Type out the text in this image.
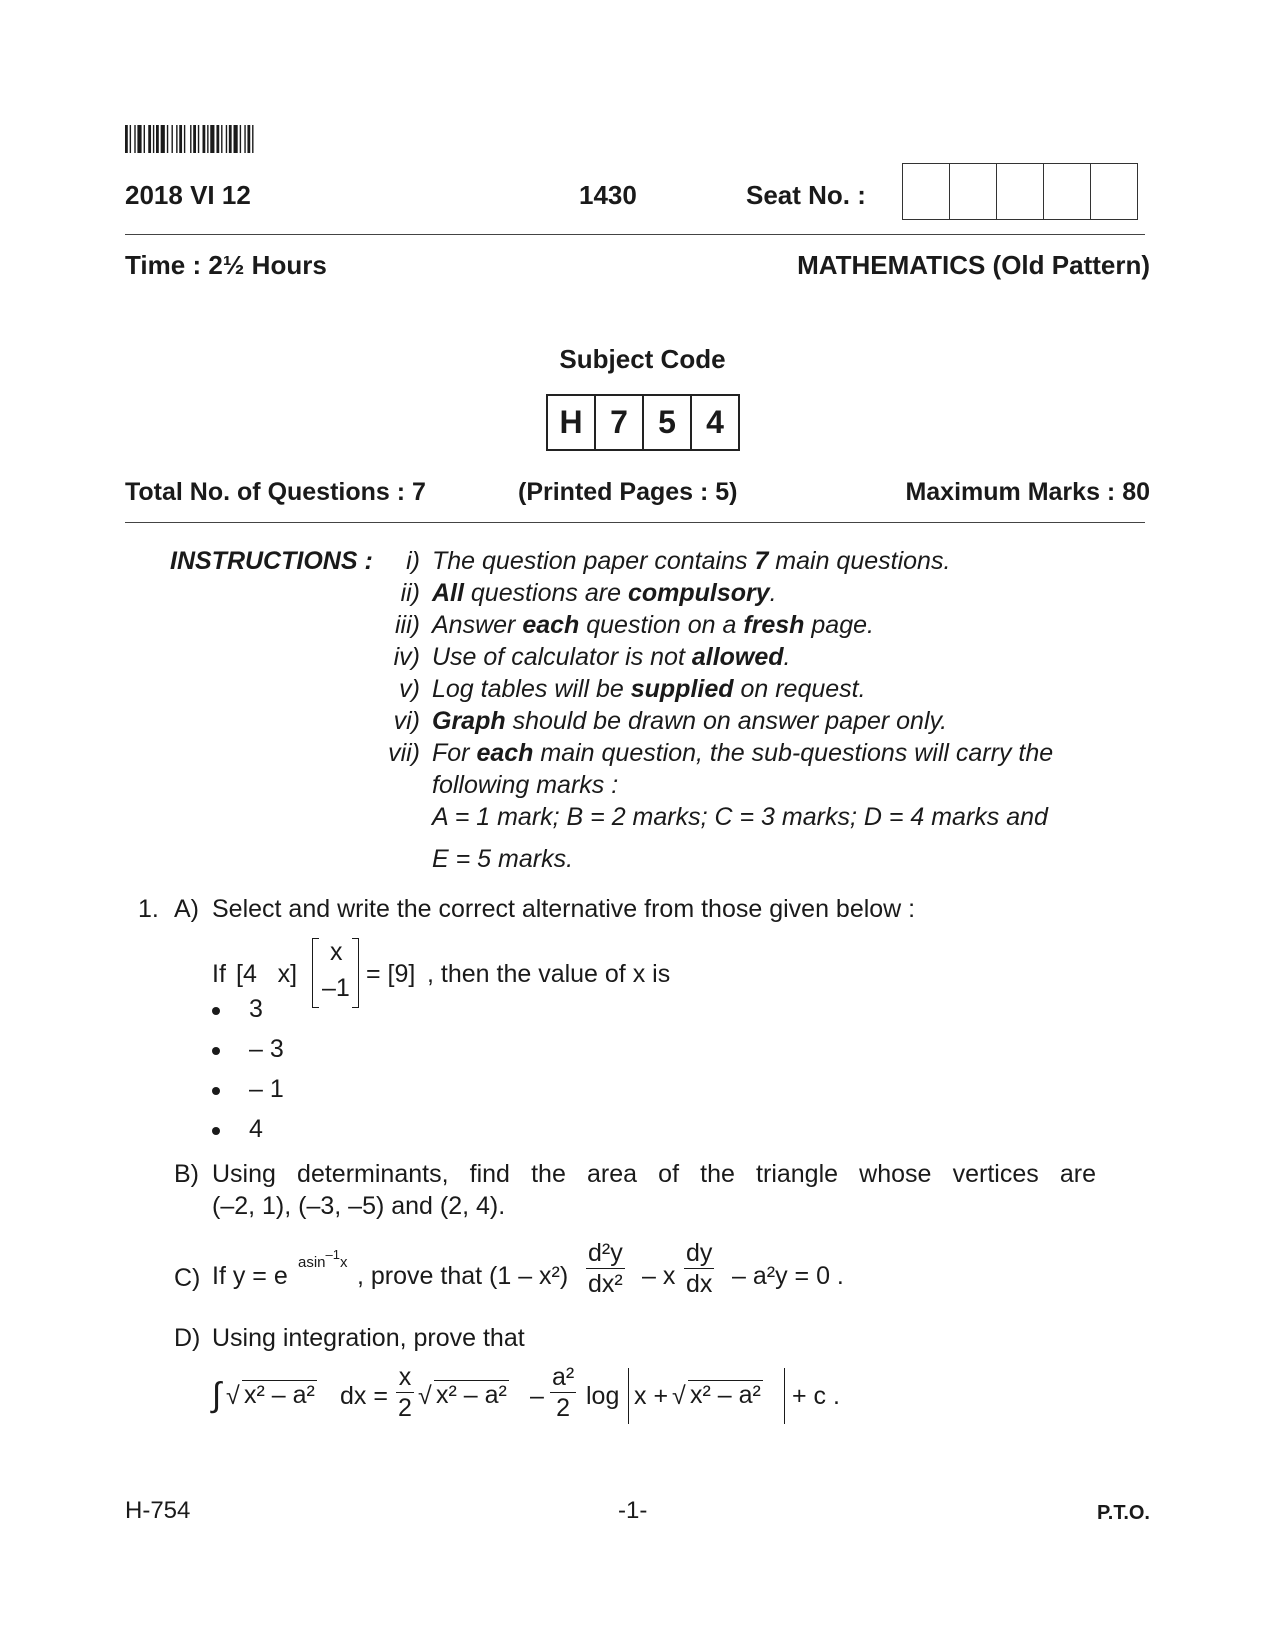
2018 VI 12	1430	Seat No. :
Time : 2½ Hours	MATHEMATICS (Old Pattern)
Subject Code
H 7 5 4
Total No. of Questions : 7	(Printed Pages : 5)	Maximum Marks : 80
INSTRUCTIONS :	i) The question paper contains 7 main questions.
ii) All questions are compulsory.
iii) Answer each question on a fresh page.
iv) Use of calculator is not allowed.
v) Log tables will be supplied on request.
vi) Graph should be drawn on answer paper only.
vii) For each main question, the sub-questions will carry the
following marks :
A = 1 mark; B = 2 marks; C = 3 marks; D = 4 marks and
E = 5 marks.
1. A) Select and write the correct alternative from those given below :
If [4   x]
x
–1 = [9] , then the value of x is
3
– 3
– 1
4
B) Using determinants, find the area of the triangle whose vertices are
(–2, 1), (–3, –5) and (2, 4).
C) If y = e asin–1x , prove that $(1 - x^2) \frac{\text{d²y}}{\text{dx²}} - x \frac{dy}{dx} - a^2y = 0$ .
D) Using integration, prove that
∫ √ x² – a² dx = $\frac{x}{2}$ √ $x^2 - a^2 - \frac{\text{a²}}{2}$ log x + √ x² – a² + c .
H-754	-1-	P.T.O.
